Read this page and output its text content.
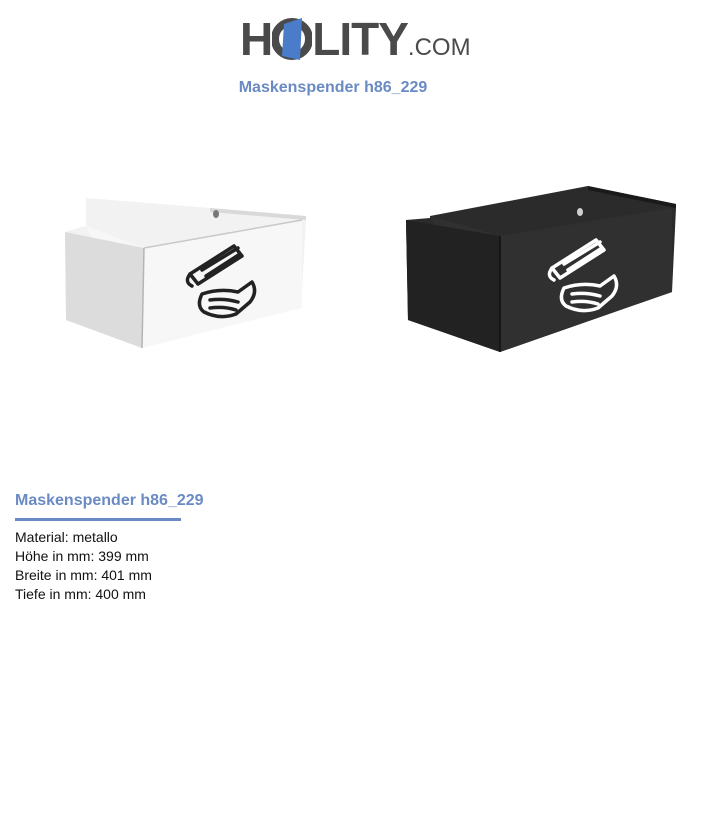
H LITY.COM
Maskenspender h86_229
Maskenspender h86_229
Material: metallo
Höhe in mm: 399 mm
Breite in mm: 401 mm
Tiefe in mm: 400 mm
